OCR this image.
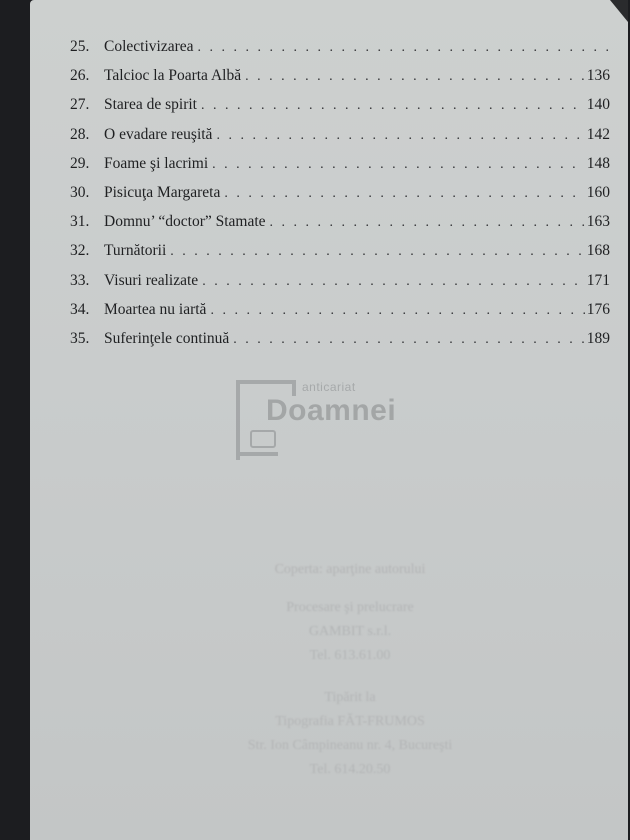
25. Colectivizarea
. . .
26. Talcioc la Poarta Albă . . .	136
27. Starea de spirit . . .	140
28. O evadare reuşită . . .	142
29. Foame şi lacrimi . . .	148
30. Pisicuţa Margareta . . .	160
31. Domnu’ “doctor” Stamate . . .	163
32. Turnătorii . . .	168
33. Visuri realizate . . .	171
34. Moartea nu iartă . . .	176
35. Suferinţele continuă . . .	189
anticariat
Doamnei
Coperta: aparţine autorului
Procesare şi prelucrare
GAMBIT s.r.l.
Tel. 613.61.00
Tipărit la
Tipografia FĂT-FRUMOS
Str. Ion Câmpineanu nr. 4, Bucureşti
Tel. 614.20.50
